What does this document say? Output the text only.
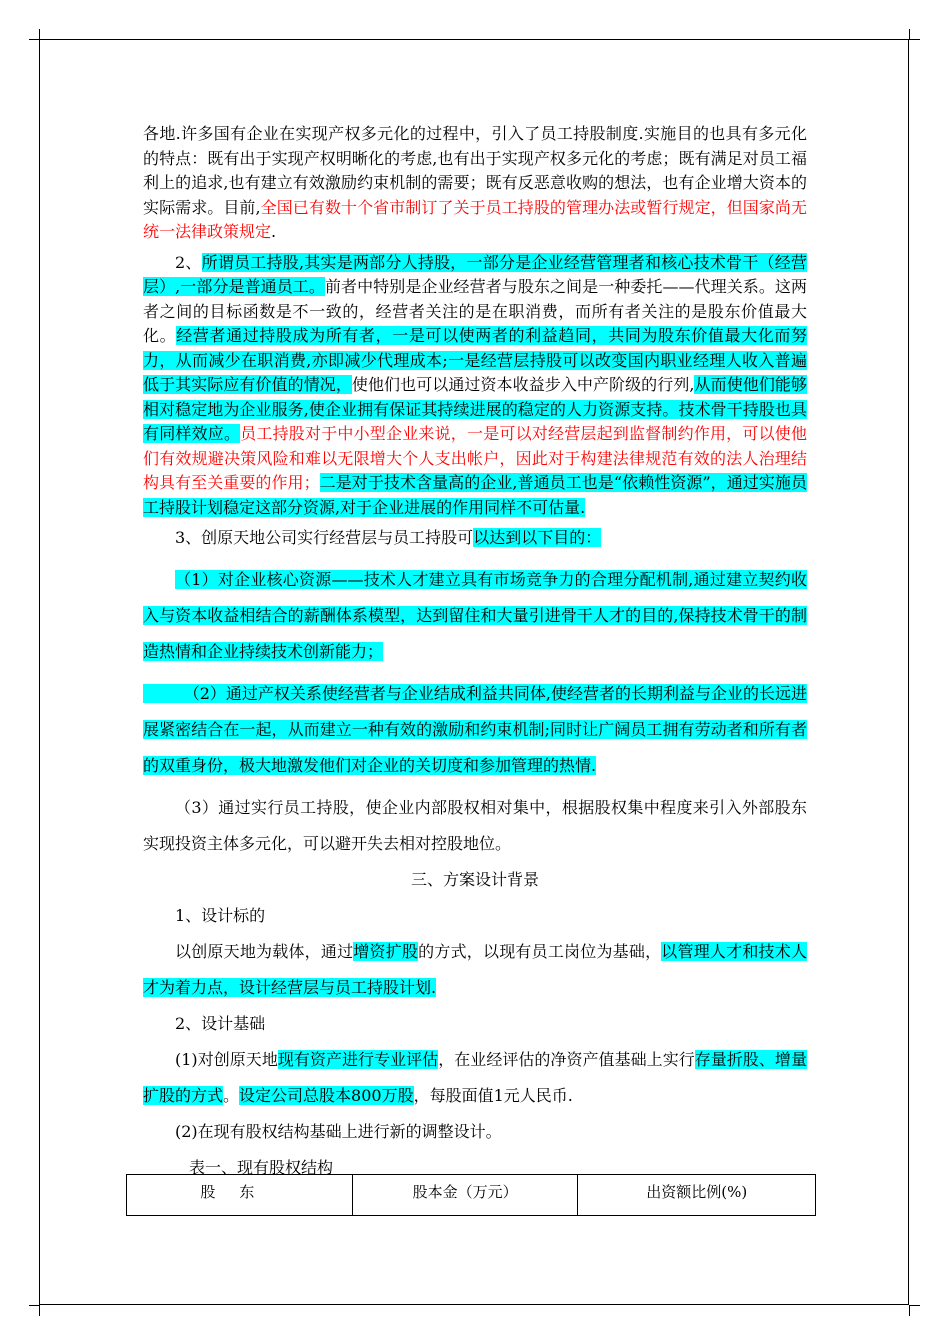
各地.许多国有企业在实现产权多元化的过程中，引入了员工持股制度.实施目的也具有多元化的特点：既有出于实现产权明晰化的考虑,也有出于实现产权多元化的考虑；既有满足对员工福利上的追求,也有建立有效激励约束机制的需要；既有反恶意收购的想法，也有企业增大资本的实际需求。目前,全国已有数十个省市制订了关于员工持股的管理办法或暂行规定，但国家尚无统一法律政策规定.

2、所谓员工持股,其实是两部分人持股，一部分是企业经营管理者和核心技术骨干（经营层）,一部分是普通员工。前者中特别是企业经营者与股东之间是一种委托——代理关系。这两者之间的目标函数是不一致的，经营者关注的是在职消费，而所有者关注的是股东价值最大化。经营者通过持股成为所有者，一是可以使两者的利益趋同，共同为股东价值最大化而努力，从而减少在职消费,亦即减少代理成本;一是经营层持股可以改变国内职业经理人收入普遍低于其实际应有价值的情况，使他们也可以通过资本收益步入中产阶级的行列,从而使他们能够相对稳定地为企业服务,使企业拥有保证其持续进展的稳定的人力资源支持。技术骨干持股也具有同样效应。员工持股对于中小型企业来说，一是可以对经营层起到监督制约作用，可以使他们有效规避决策风险和难以无限增大个人支出帐户，因此对于构建法律规范有效的法人治理结构具有至关重要的作用；二是对于技术含量高的企业,普通员工也是“依赖性资源”，通过实施员工持股计划稳定这部分资源,对于企业进展的作用同样不可估量.

3、创原天地公司实行经营层与员工持股可以达到以下目的：

（1）对企业核心资源——技术人才建立具有市场竞争力的合理分配机制,通过建立契约收入与资本收益相结合的薪酬体系模型，达到留住和大量引进骨干人才的目的,保持技术骨干的制造热情和企业持续技术创新能力；

（2）通过产权关系使经营者与企业结成利益共同体,使经营者的长期利益与企业的长远进展紧密结合在一起，从而建立一种有效的激励和约束机制;同时让广阔员工拥有劳动者和所有者的双重身份，极大地激发他们对企业的关切度和参加管理的热情.

（3）通过实行员工持股，使企业内部股权相对集中，根据股权集中程度来引入外部股东实现投资主体多元化，可以避开失去相对控股地位。

三、方案设计背景

1、设计标的

以创原天地为载体，通过增资扩股的方式，以现有员工岗位为基础，以管理人才和技术人才为着力点，设计经营层与员工持股计划.

2、设计基础

(1)对创原天地现有资产进行专业评估，在业经评估的净资产值基础上实行存量折股、增量扩股的方式。设定公司总股本800万股，每股面值1元人民币.

(2)在现有股权结构基础上进行新的调整设计。

表一、现有股权结构

股东	股本金（万元）	出资额比例(%)
